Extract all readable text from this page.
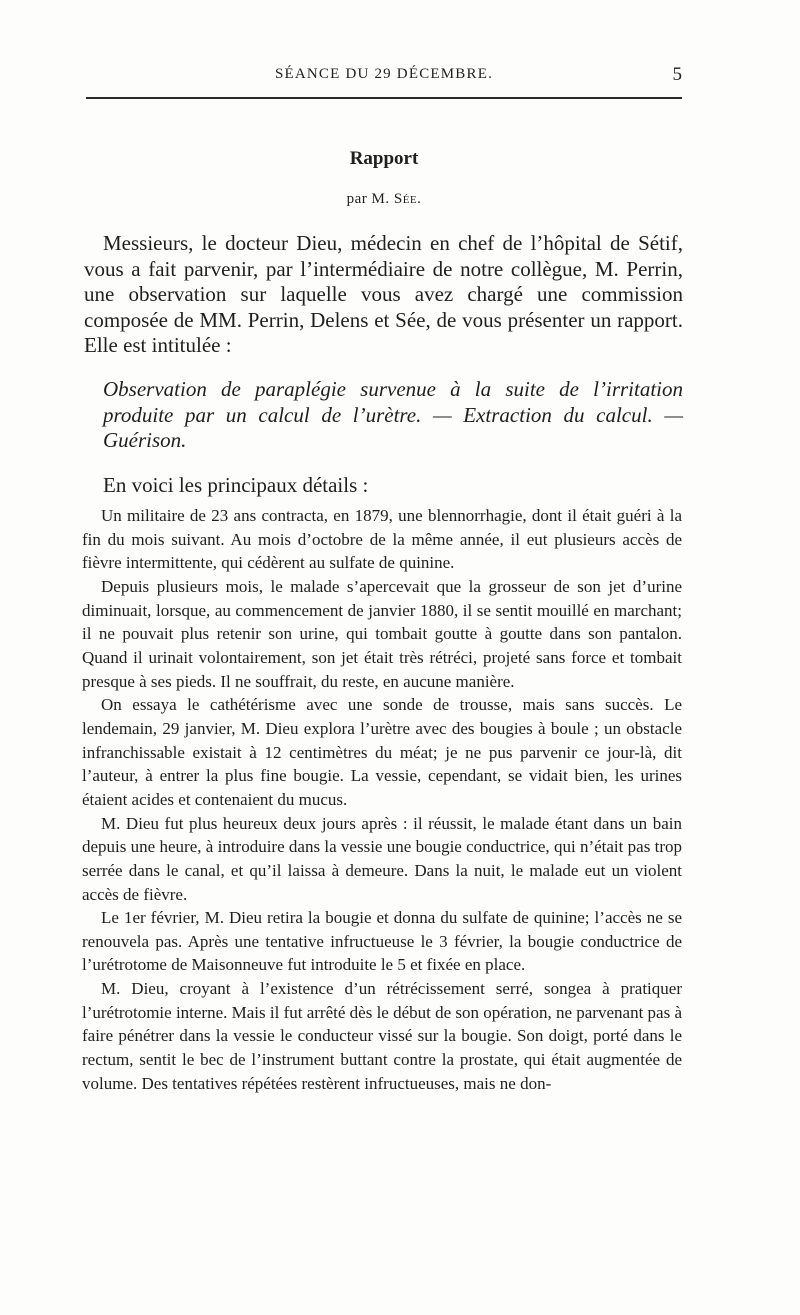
SÉANCE DU 29 DÉCEMBRE.	5
Rapport
par M. Sée.
Messieurs, le docteur Dieu, médecin en chef de l’hôpital de Sétif, vous a fait parvenir, par l’intermédiaire de notre collègue, M. Perrin, une observation sur laquelle vous avez chargé une commission composée de MM. Perrin, Delens et Sée, de vous présenter un rapport. Elle est intitulée :
Observation de paraplégie survenue à la suite de l’irritation produite par un calcul de l’urètre. — Extraction du calcul. — Guérison.
En voici les principaux détails :

Un militaire de 23 ans contracta, en 1879, une blennorrhagie, dont il était guéri à la fin du mois suivant. Au mois d’octobre de la même année, il eut plusieurs accès de fièvre intermittente, qui cédèrent au sulfate de quinine.

Depuis plusieurs mois, le malade s’apercevait que la grosseur de son jet d’urine diminuait, lorsque, au commencement de janvier 1880, il se sentit mouillé en marchant; il ne pouvait plus retenir son urine, qui tombait goutte à goutte dans son pantalon. Quand il urinait volontairement, son jet était très rétréci, projeté sans force et tombait presque à ses pieds. Il ne souffrait, du reste, en aucune manière.

On essaya le cathétérisme avec une sonde de trousse, mais sans succès. Le lendemain, 29 janvier, M. Dieu explora l’urètre avec des bougies à boule ; un obstacle infranchissable existait à 12 centimètres du méat; je ne pus parvenir ce jour-là, dit l’auteur, à entrer la plus fine bougie. La vessie, cependant, se vidait bien, les urines étaient acides et contenaient du mucus.

M. Dieu fut plus heureux deux jours après : il réussit, le malade étant dans un bain depuis une heure, à introduire dans la vessie une bougie conductrice, qui n’était pas trop serrée dans le canal, et qu’il laissa à demeure. Dans la nuit, le malade eut un violent accès de fièvre.

Le 1er février, M. Dieu retira la bougie et donna du sulfate de quinine; l’accès ne se renouvela pas. Après une tentative infructueuse le 3 février, la bougie conductrice de l’urétrotome de Maisonneuve fut introduite le 5 et fixée en place.

M. Dieu, croyant à l’existence d’un rétrécissement serré, songea à pratiquer l’urétrotomie interne. Mais il fut arrêté dès le début de son opération, ne parvenant pas à faire pénétrer dans la vessie le conducteur vissé sur la bougie. Son doigt, porté dans le rectum, sentit le bec de l’instrument buttant contre la prostate, qui était augmentée de volume. Des tentatives répétées restèrent infructueuses, mais ne don-
